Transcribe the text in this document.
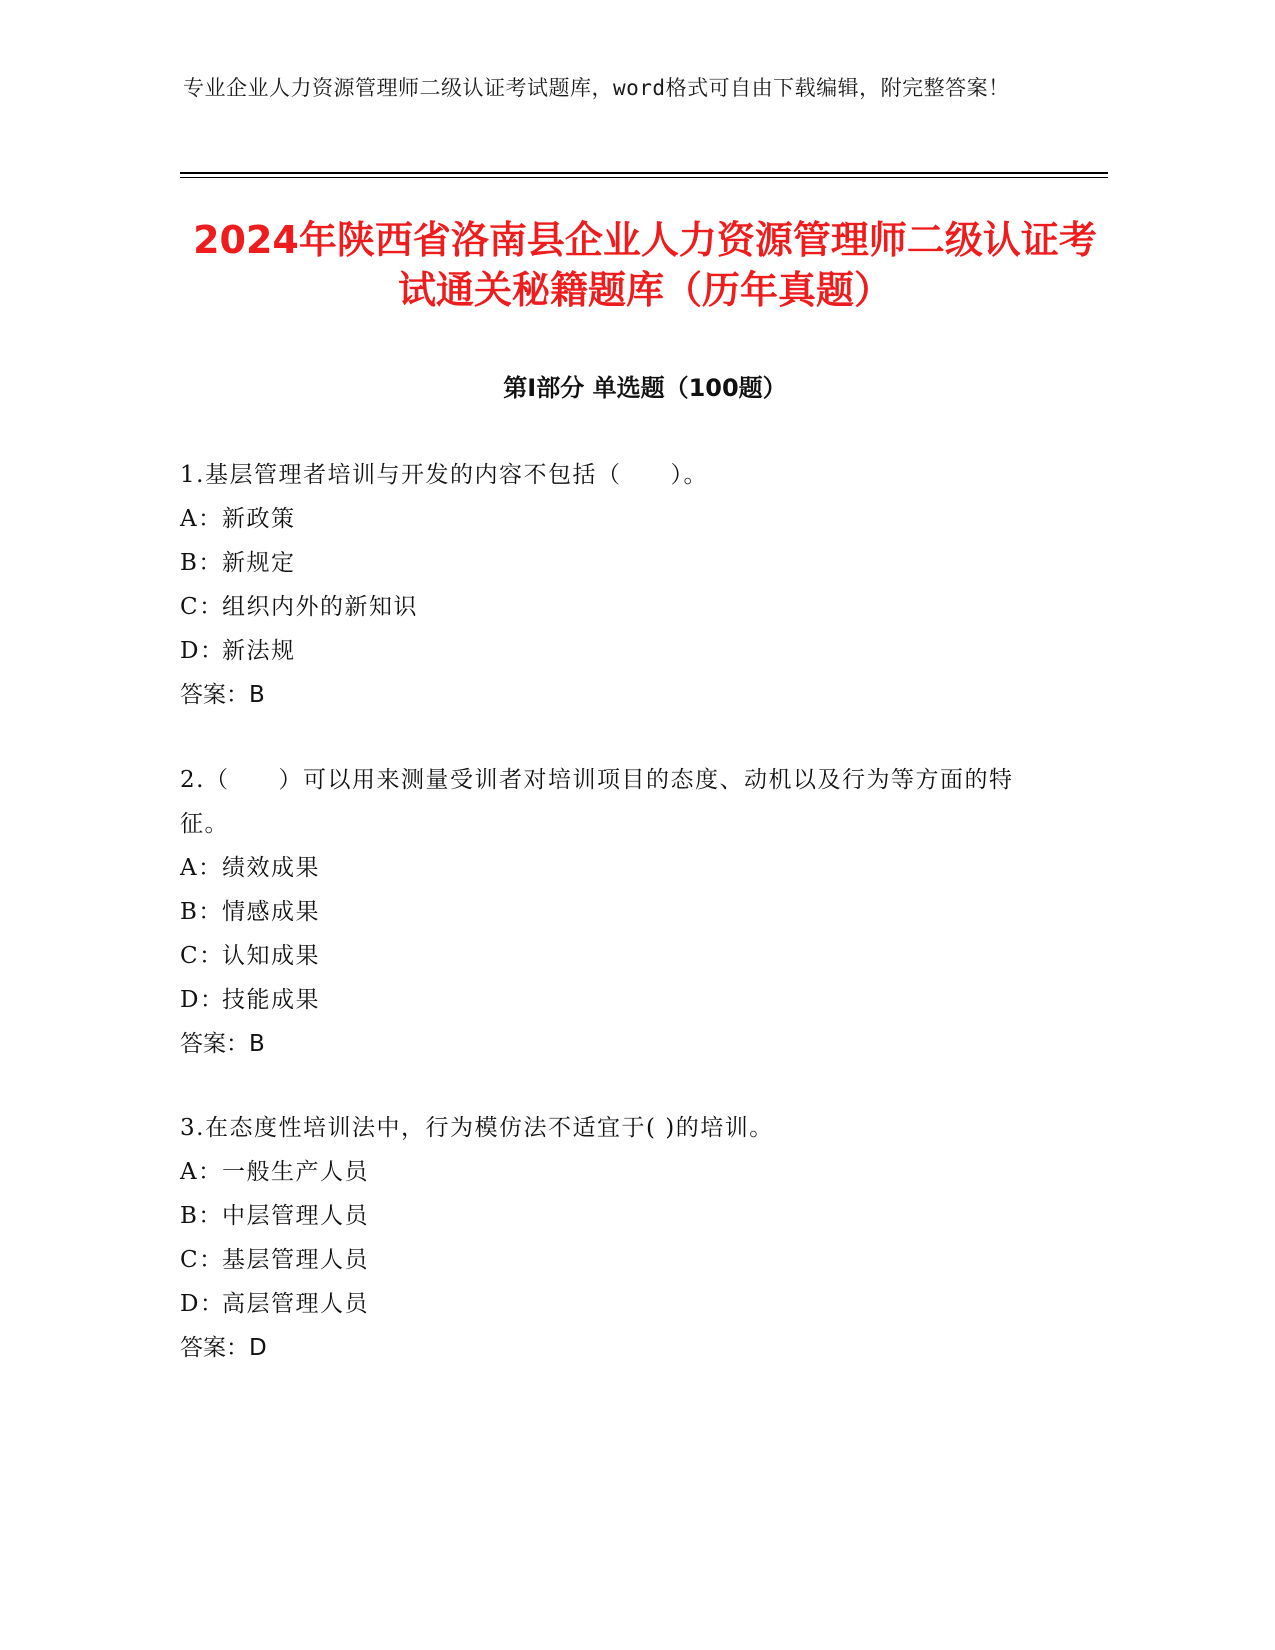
专业企业人力资源管理师二级认证考试题库，word格式可自由下载编辑，附完整答案！
2024年陕西省洛南县企业人力资源管理师二级认证考试通关秘籍题库（历年真题）
第Ⅰ部分 单选题（100题）
1.基层管理者培训与开发的内容不包括（　　）。
A：新政策
B：新规定
C：组织内外的新知识
D：新法规
答案：B
2.（　　）可以用来测量受训者对培训项目的态度、动机以及行为等方面的特征。
A：绩效成果
B：情感成果
C：认知成果
D：技能成果
答案：B
3.在态度性培训法中，行为模仿法不适宜于( )的培训。
A：一般生产人员
B：中层管理人员
C：基层管理人员
D：高层管理人员
答案：D
